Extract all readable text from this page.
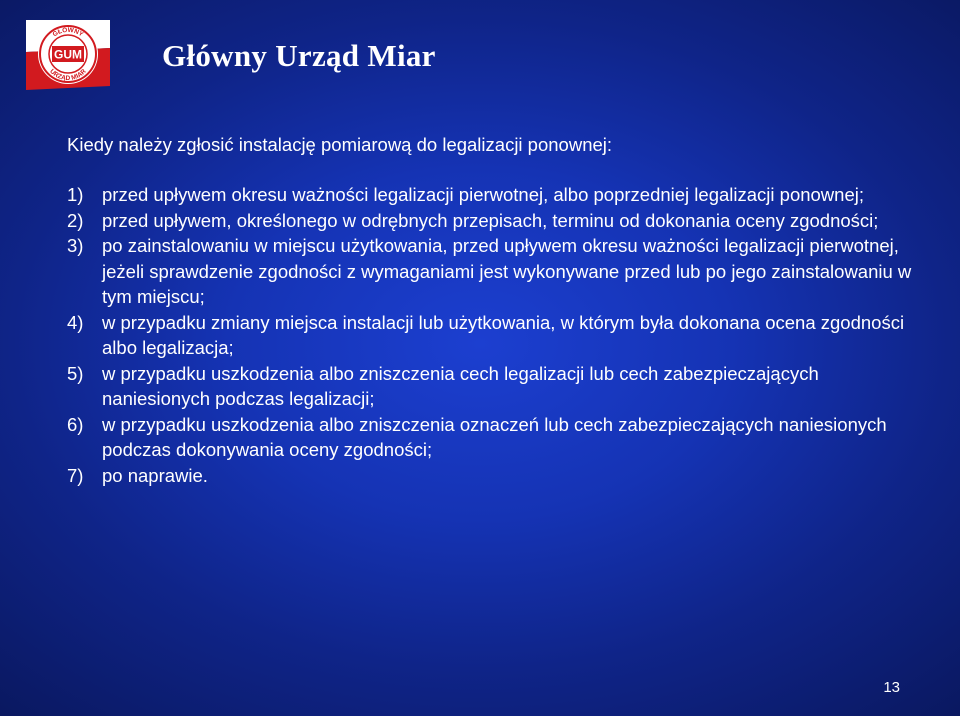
GŁÓWNY
URZĄD MIAR
GUM	Główny Urząd Miar
Kiedy należy zgłosić instalację pomiarową do legalizacji ponownej:
1) przed upływem okresu ważności legalizacji pierwotnej, albo poprzedniej legalizacji ponownej;
2) przed upływem, określonego w odrębnych przepisach, terminu od dokonania oceny zgodności;
3) po zainstalowaniu w miejscu użytkowania, przed upływem okresu ważności legalizacji pierwotnej, jeżeli sprawdzenie zgodności z wymaganiami jest wykonywane przed lub po jego zainstalowaniu w tym miejscu;
4) w przypadku zmiany miejsca instalacji lub użytkowania, w którym była dokonana ocena zgodności albo legalizacja;
5) w przypadku uszkodzenia albo zniszczenia cech legalizacji lub cech zabezpieczających naniesionych podczas legalizacji;
6) w przypadku uszkodzenia albo zniszczenia oznaczeń lub cech zabezpieczających naniesionych podczas dokonywania oceny zgodności;
7) po naprawie.
13
